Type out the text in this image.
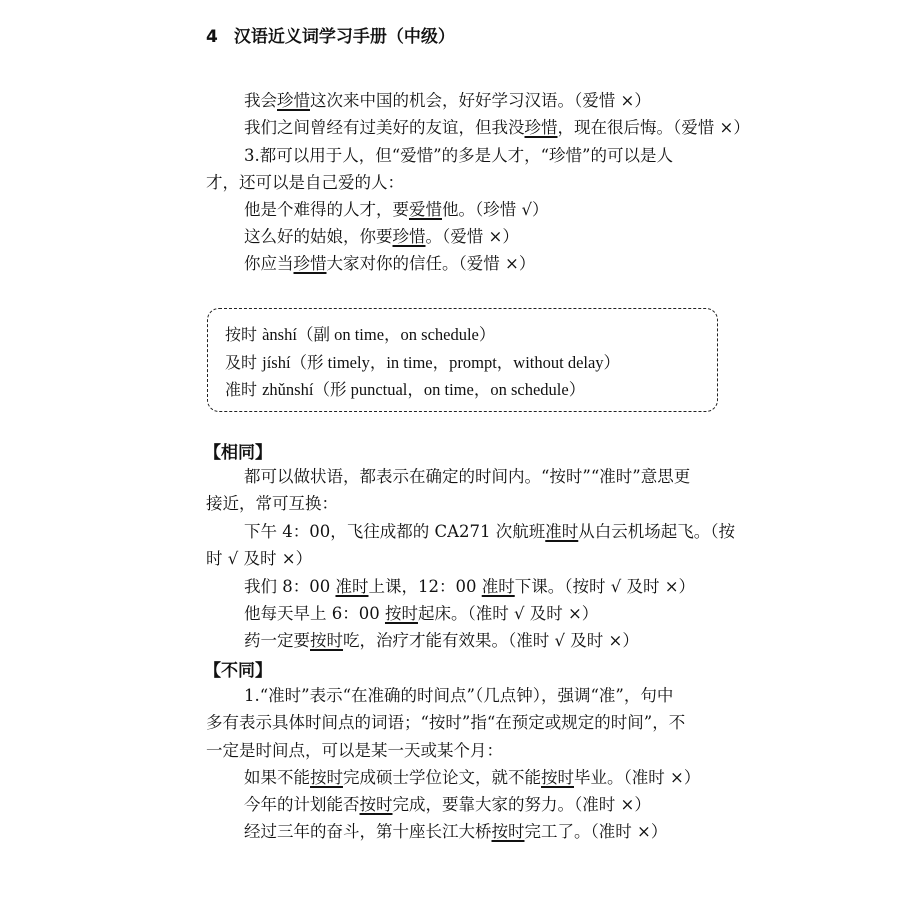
4 汉语近义词学习手册（中级）
我会珍惜这次来中国的机会，好好学习汉语。（爱惜 ×）
我们之间曾经有过美好的友谊，但我没珍惜，现在很后悔。（爱惜 ×）
3.都可以用于人，但“爱惜”的多是人才，“珍惜”的可以是人
才，还可以是自己爱的人：
他是个难得的人才，要爱惜他。（珍惜 √）
这么好的姑娘，你要珍惜。（爱惜 ×）
你应当珍惜大家对你的信任。（爱惜 ×）
按时 ànshí（副 on time，on schedule）
及时 jíshí（形 timely，in time，prompt，without delay）
准时 zhǔnshí（形 punctual，on time，on schedule）
【相同】
都可以做状语，都表示在确定的时间内。“按时”“准时”意思更
接近，常可互换：
下午 4：00，飞往成都的 CA271 次航班准时从白云机场起飞。（按
时 √ 及时 ×）
我们 8：00 准时上课，12：00 准时下课。（按时 √ 及时 ×）
他每天早上 6：00 按时起床。（准时 √ 及时 ×）
药一定要按时吃，治疗才能有效果。（准时 √ 及时 ×）
【不同】
1.“准时”表示“在准确的时间点”（几点钟），强调“准”，句中
多有表示具体时间点的词语；“按时”指“在预定或规定的时间”，不
一定是时间点，可以是某一天或某个月：
如果不能按时完成硕士学位论文，就不能按时毕业。（准时 ×）
今年的计划能否按时完成，要靠大家的努力。（准时 ×）
经过三年的奋斗，第十座长江大桥按时完工了。（准时 ×）
